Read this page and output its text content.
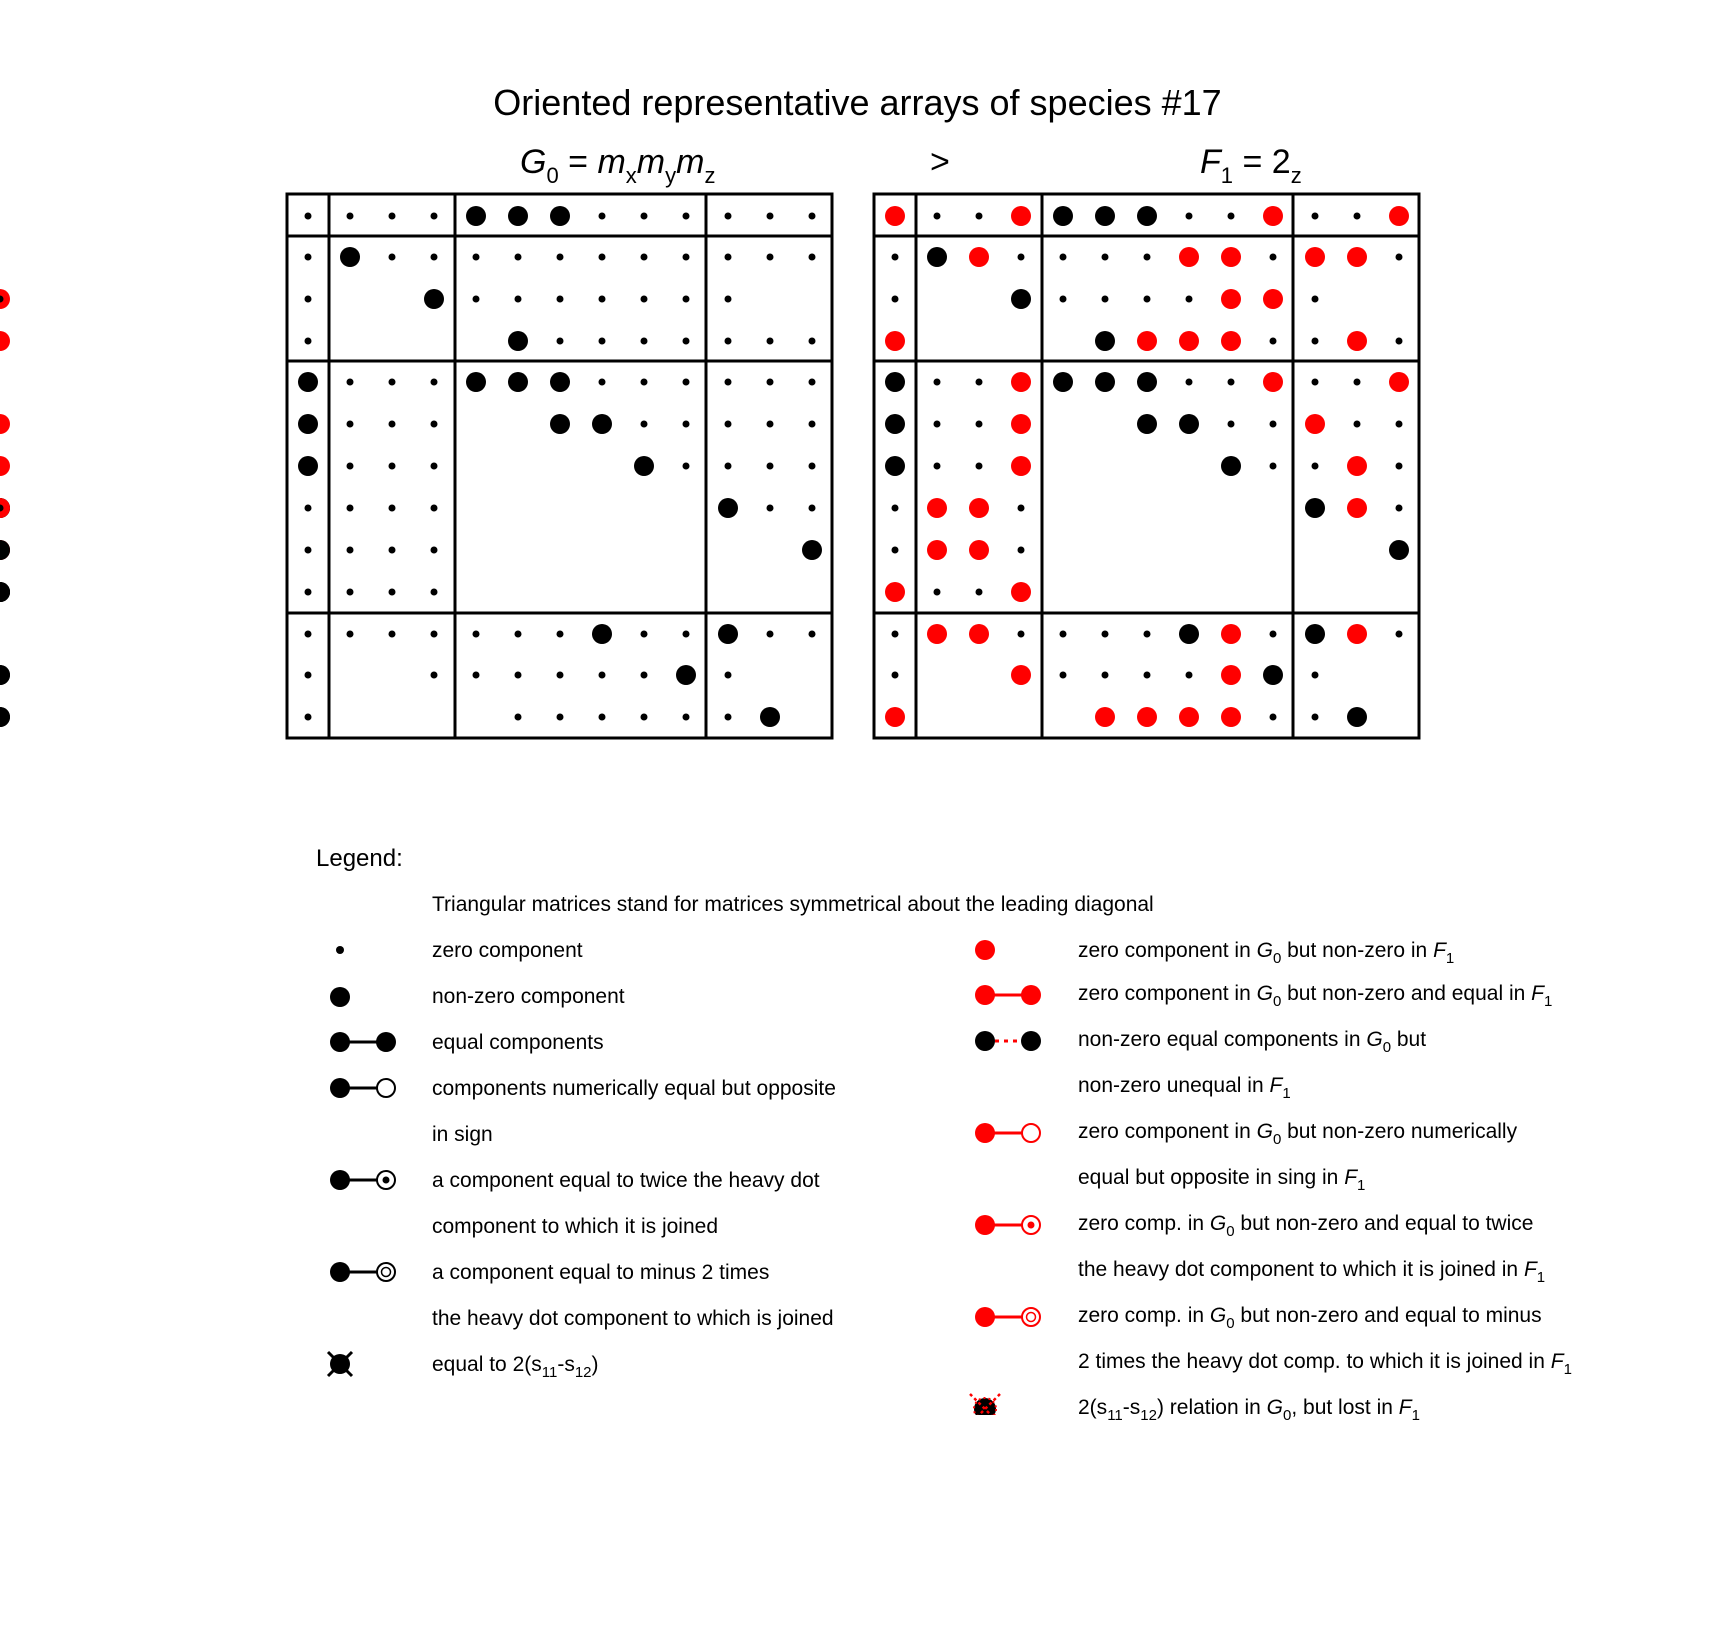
Oriented representative arrays of species #17
$G_0 = m_xm_ym_z$	>	$F_1 = 2_z$
Legend:
Triangular matrices stand for matrices symmetrical about the leading diagonal
zero component
non-zero component
equal components
components numerically equal but opposite
in sign
a component equal to twice the heavy dot
component to which it is joined
a component equal to minus 2 times
the heavy dot component to which is joined
equal to $2(s_{11}-s_{12})$
zero component in $G_0$ but non-zero in $F_1$
zero component in $G_0$ but non-zero and equal in $F_1$
non-zero equal components in $G_0$ but
non-zero unequal in $F_1$
zero component in $G_0$ but non-zero numerically
equal but opposite in sing in $F_1$
zero comp. in $G_0$ but non-zero and equal to twice
the heavy dot component to which it is joined in $F_1$
zero comp. in $G_0$ but non-zero and equal to minus
2 times the heavy dot comp. to which it is joined in $F_1$
$2(s_{11}-s_{12})$ relation in $G_0$, but lost in $F_1$
